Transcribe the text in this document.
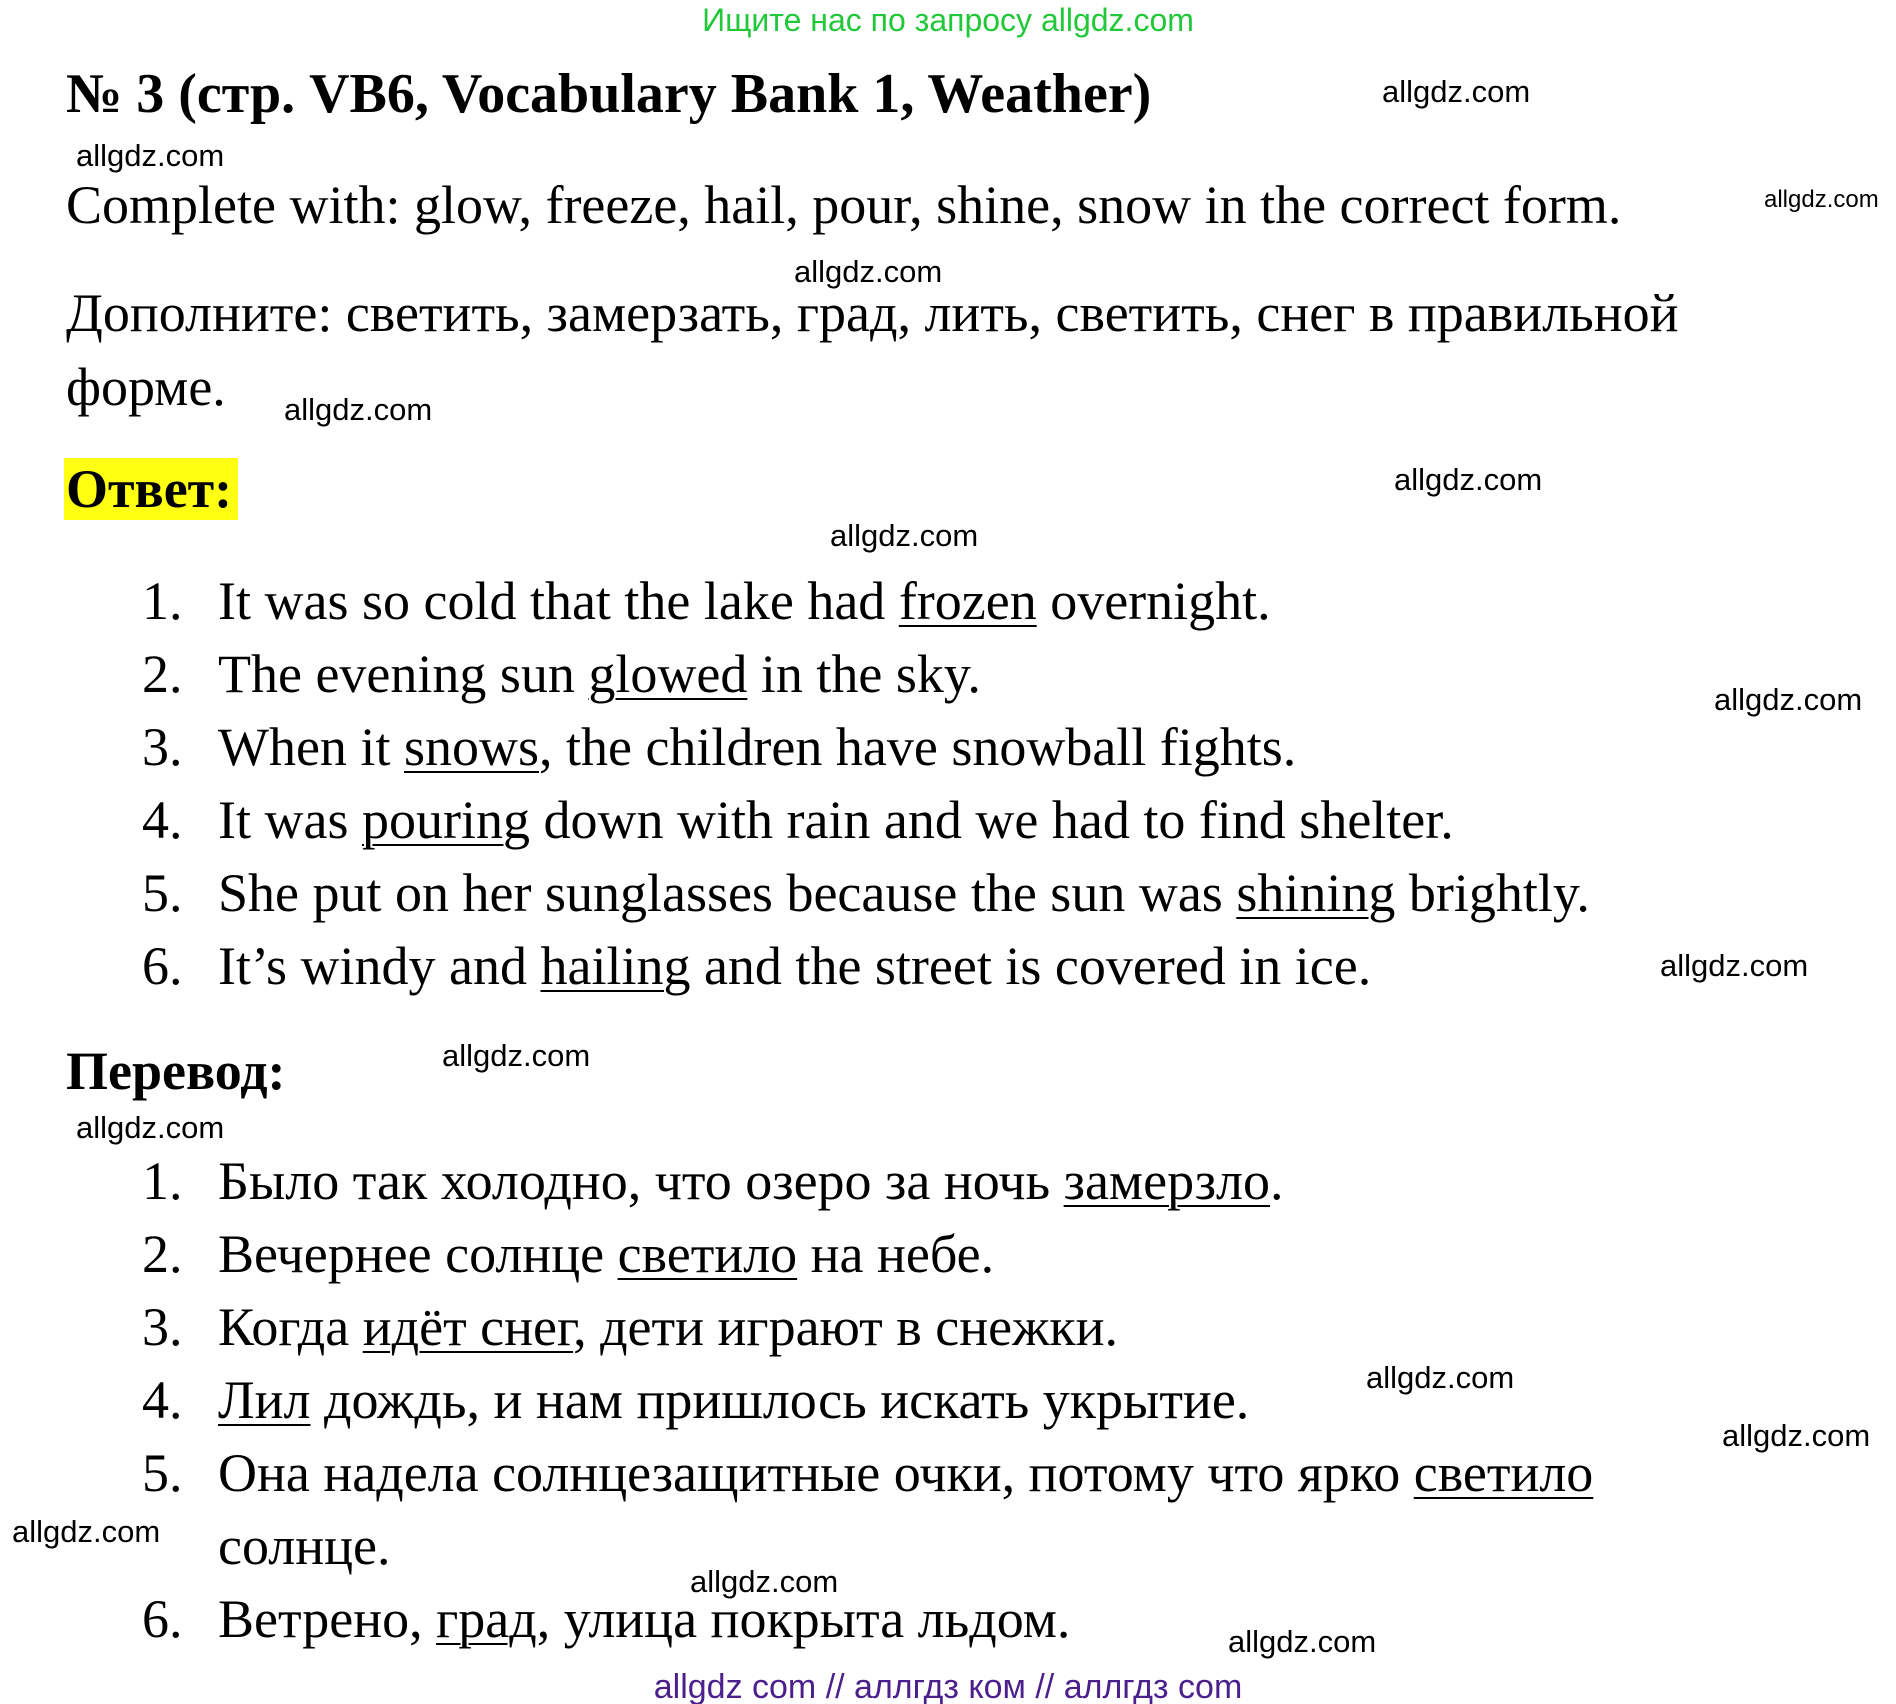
Ищите нас по запросу allgdz.com
№ 3 (стр. VB6, Vocabulary Bank 1, Weather)
Complete with: glow, freeze, hail, pour, shine, snow in the correct form.
Дополните: светить, замерзать, град, лить, светить, снег в правильной
форме.
Ответ:
1. It was so cold that the lake had frozen overnight.
2. The evening sun glowed in the sky.
3. When it snows, the children have snowball fights.
4. It was pouring down with rain and we had to find shelter.
5. She put on her sunglasses because the sun was shining brightly.
6. It’s windy and hailing and the street is covered in ice.
Перевод:
1. Было так холодно, что озеро за ночь замерзло.
2. Вечернее солнце светило на небе.
3. Когда идёт снег, дети играют в снежки.
4. Лил дождь, и нам пришлось искать укрытие.
5. Она надела солнцезащитные очки, потому что ярко светило
солнце.
6. Ветрено, град, улица покрыта льдом.
allgdz.com
allgdz.com
allgdz.com
allgdz.com
allgdz.com
allgdz.com
allgdz.com
allgdz.com
allgdz.com
allgdz.com
allgdz.com
allgdz.com
allgdz.com
allgdz.com
allgdz.com
allgdz.com
allgdz com // аллгдз ком // аллгдз com
